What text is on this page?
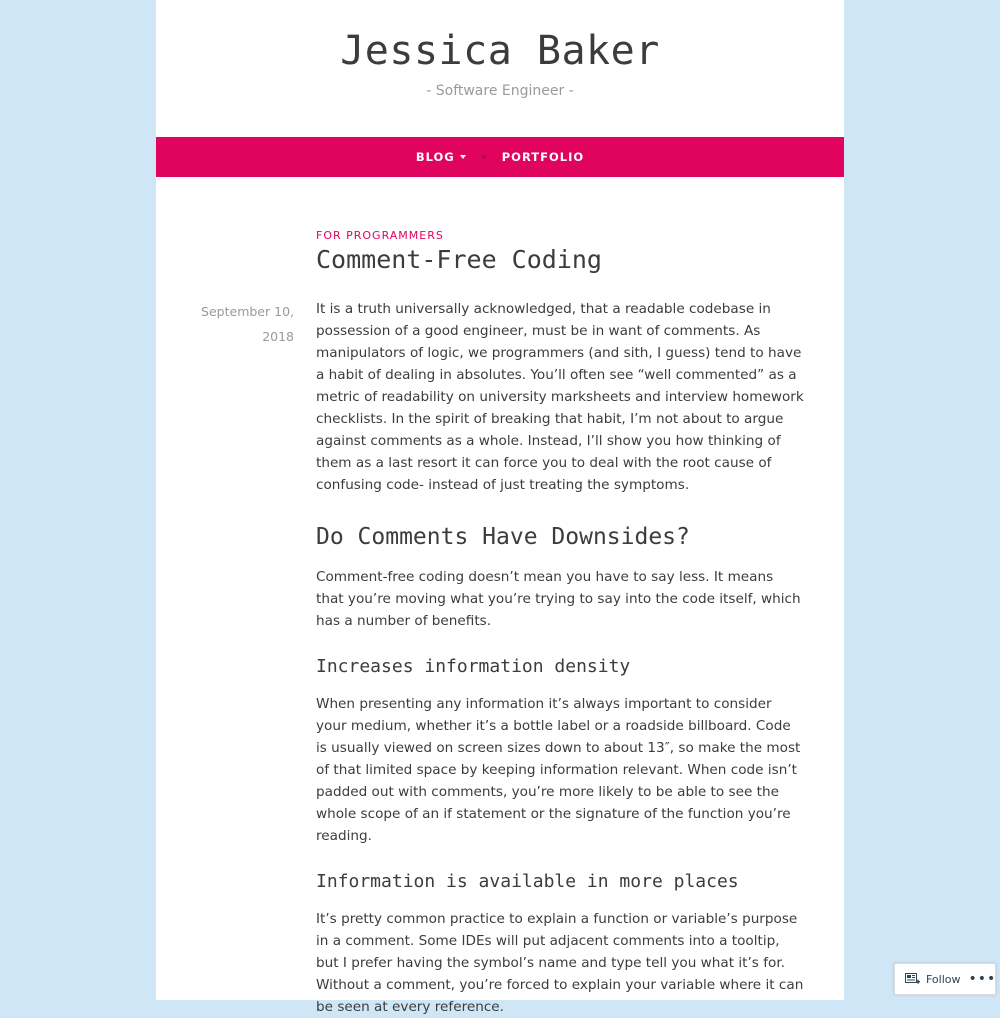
Jessica Baker
- Software Engineer -
BLOG	PORTFOLIO
FOR PROGRAMMERS
Comment-Free Coding
September 10, 2018

It is a truth universally acknowledged, that a readable codebase in possession of a good engineer, must be in want of comments. As manipulators of logic, we programmers (and sith, I guess) tend to have a habit of dealing in absolutes. You’ll often see “well commented” as a metric of readability on university marksheets and interview homework checklists. In the spirit of breaking that habit, I’m not about to argue against comments as a whole. Instead, I’ll show you how thinking of them as a last resort it can force you to deal with the root cause of confusing code- instead of just treating the symptoms.

Do Comments Have Downsides?

Comment-free coding doesn’t mean you have to say less. It means that you’re moving what you’re trying to say into the code itself, which has a number of benefits.

Increases information density

When presenting any information it’s always important to consider your medium, whether it’s a bottle label or a roadside billboard. Code is usually viewed on screen sizes down to about 13″, so make the most of that limited space by keeping information relevant. When code isn’t padded out with comments, you’re more likely to be able to see the whole scope of an if statement or the signature of the function you’re reading.

Information is available in more places

It’s pretty common practice to explain a function or variable’s purpose in a comment. Some IDEs will put adjacent comments into a tooltip, but I prefer having the symbol’s name and type tell you what it’s for. Without a comment, you’re forced to explain your variable where it can be seen at every reference.

Follow •••
